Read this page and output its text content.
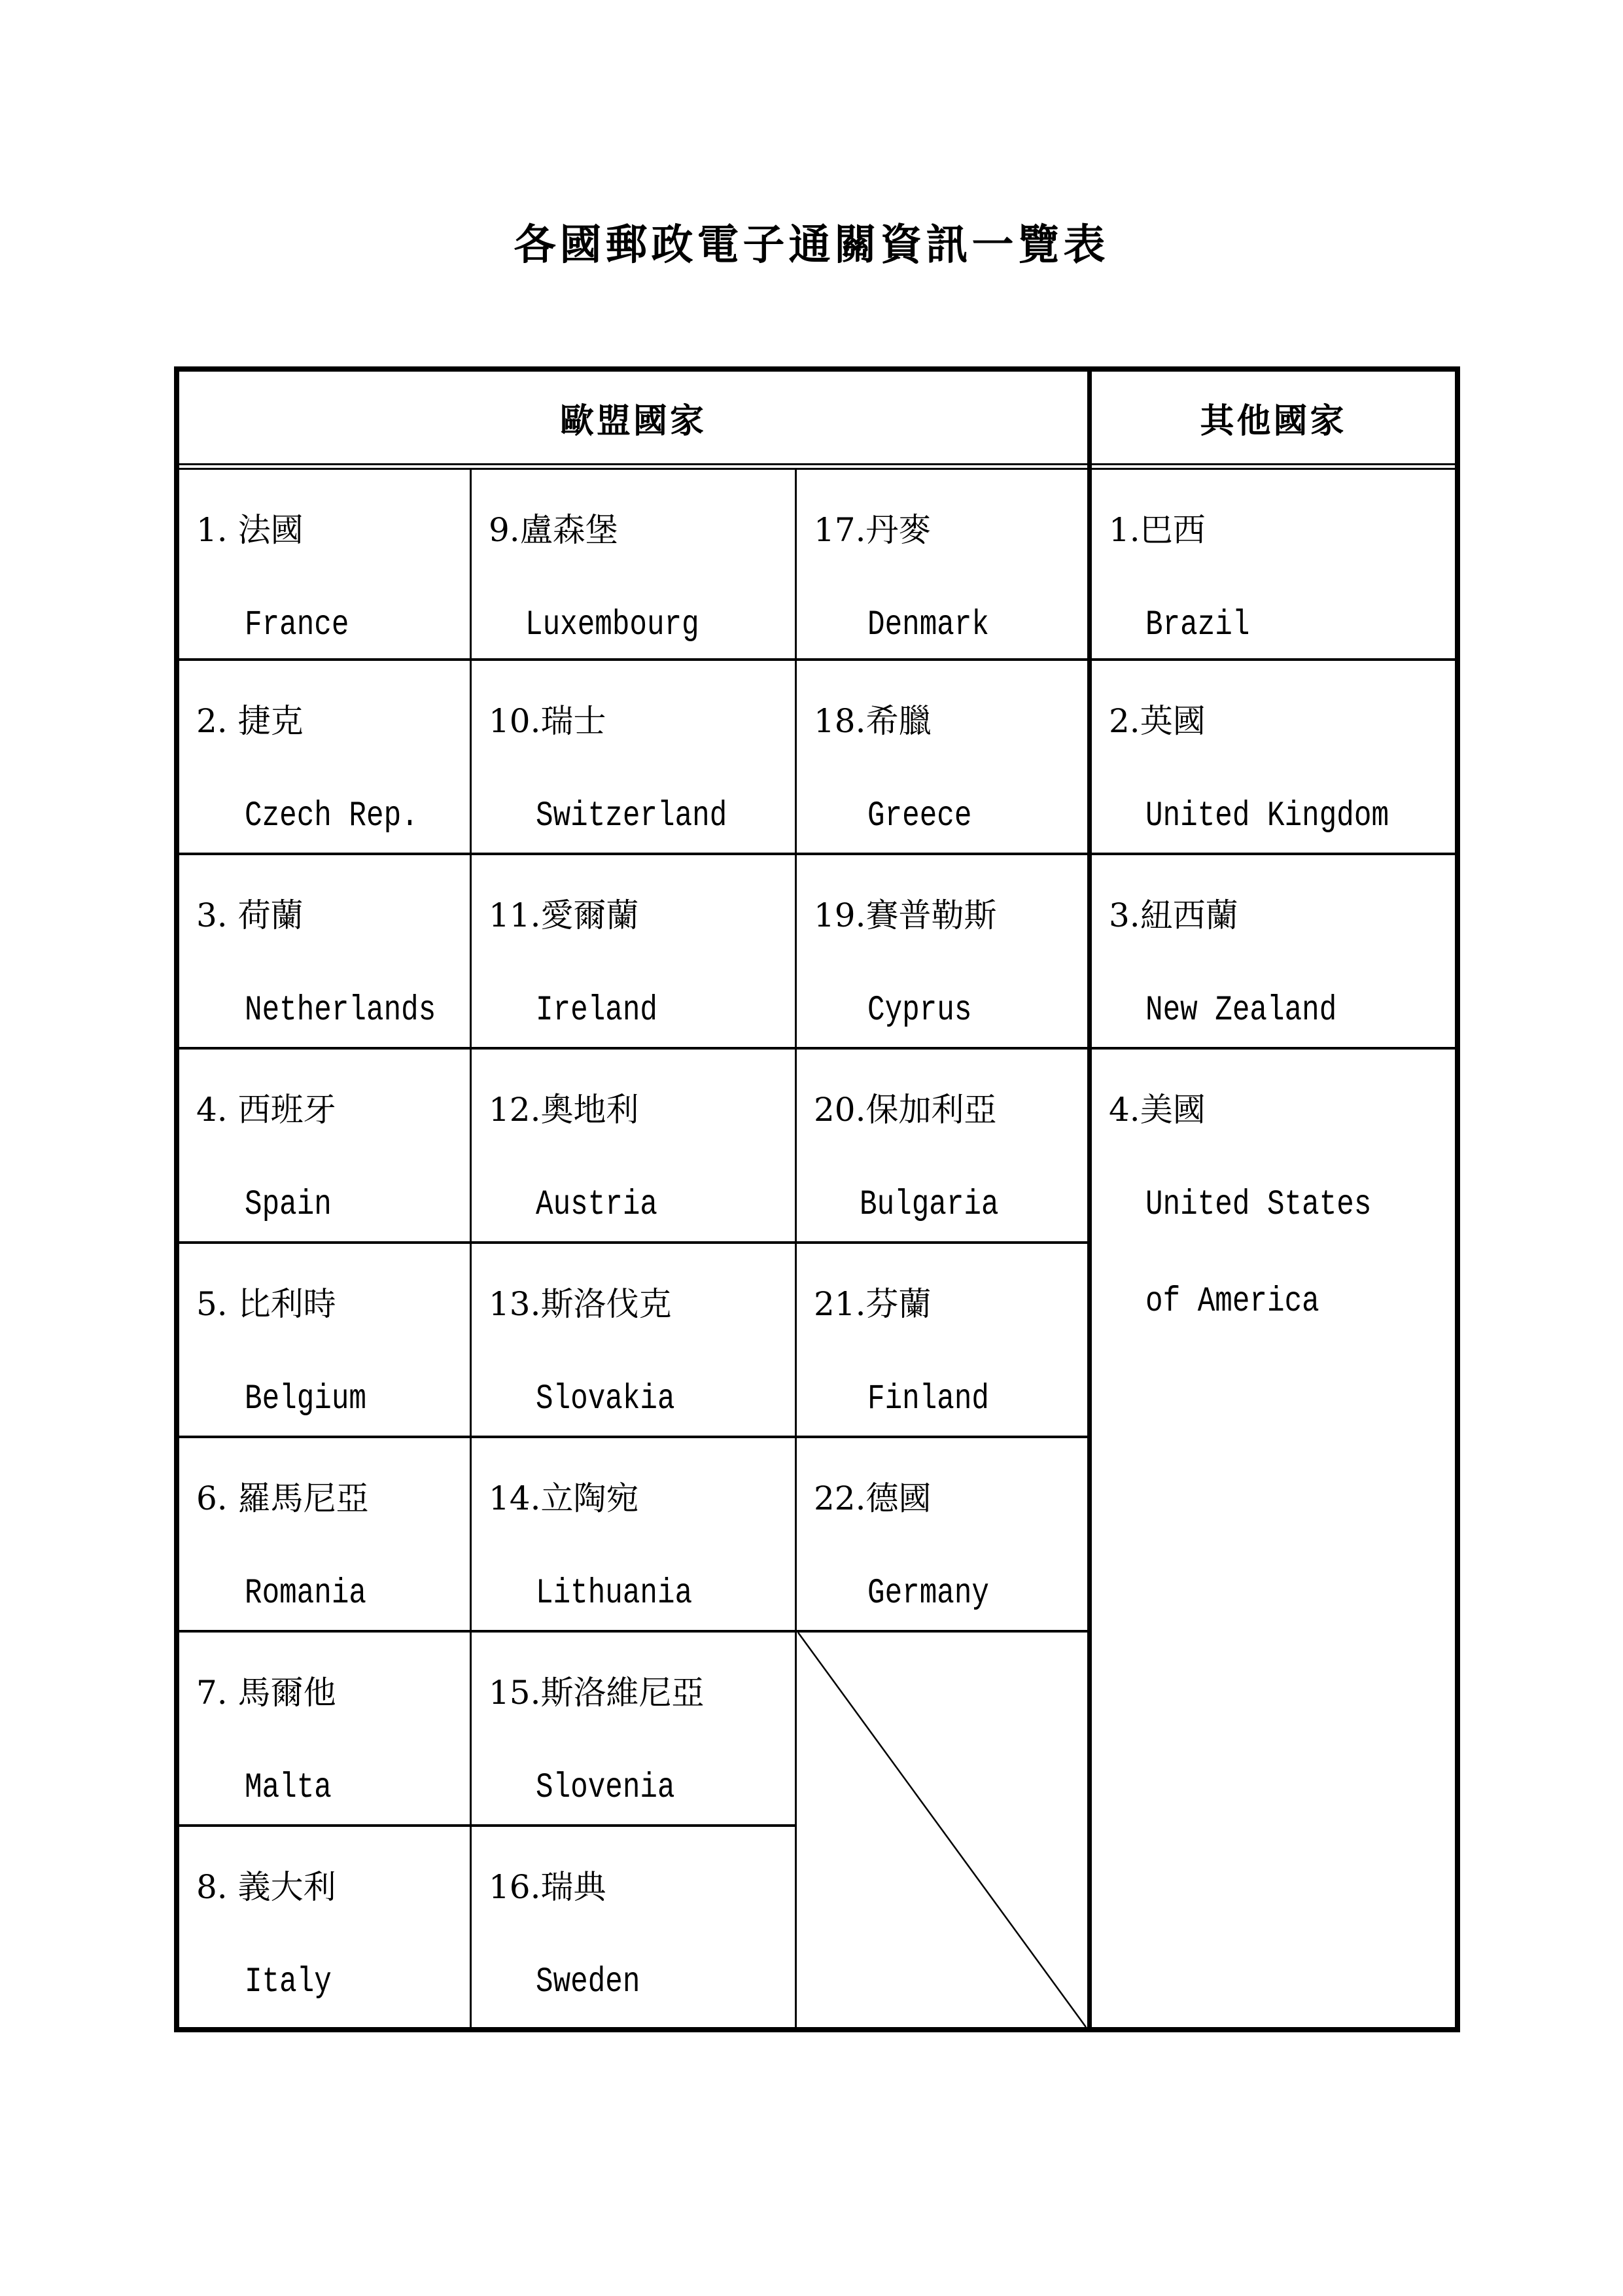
各國郵政電子通關資訊一覽表
歐盟國家	其他國家
1. 法國
France
2. 捷克
Czech Rep.
3. 荷蘭
Netherlands
4. 西班牙
Spain
5. 比利時
Belgium
6. 羅馬尼亞
Romania
7. 馬爾他
Malta
8. 義大利
Italy
9.盧森堡
Luxembourg
10.瑞士
Switzerland
11.愛爾蘭
Ireland
12.奧地利
Austria
13.斯洛伐克
Slovakia
14.立陶宛
Lithuania
15.斯洛維尼亞
Slovenia
16.瑞典
Sweden
17.丹麥
Denmark
18.希臘
Greece
19.賽普勒斯
Cyprus
20.保加利亞
Bulgaria
21.芬蘭
Finland
22.德國
Germany
1.巴西
Brazil
2.英國
United Kingdom
3.紐西蘭
New Zealand
4.美國
United States
of America
